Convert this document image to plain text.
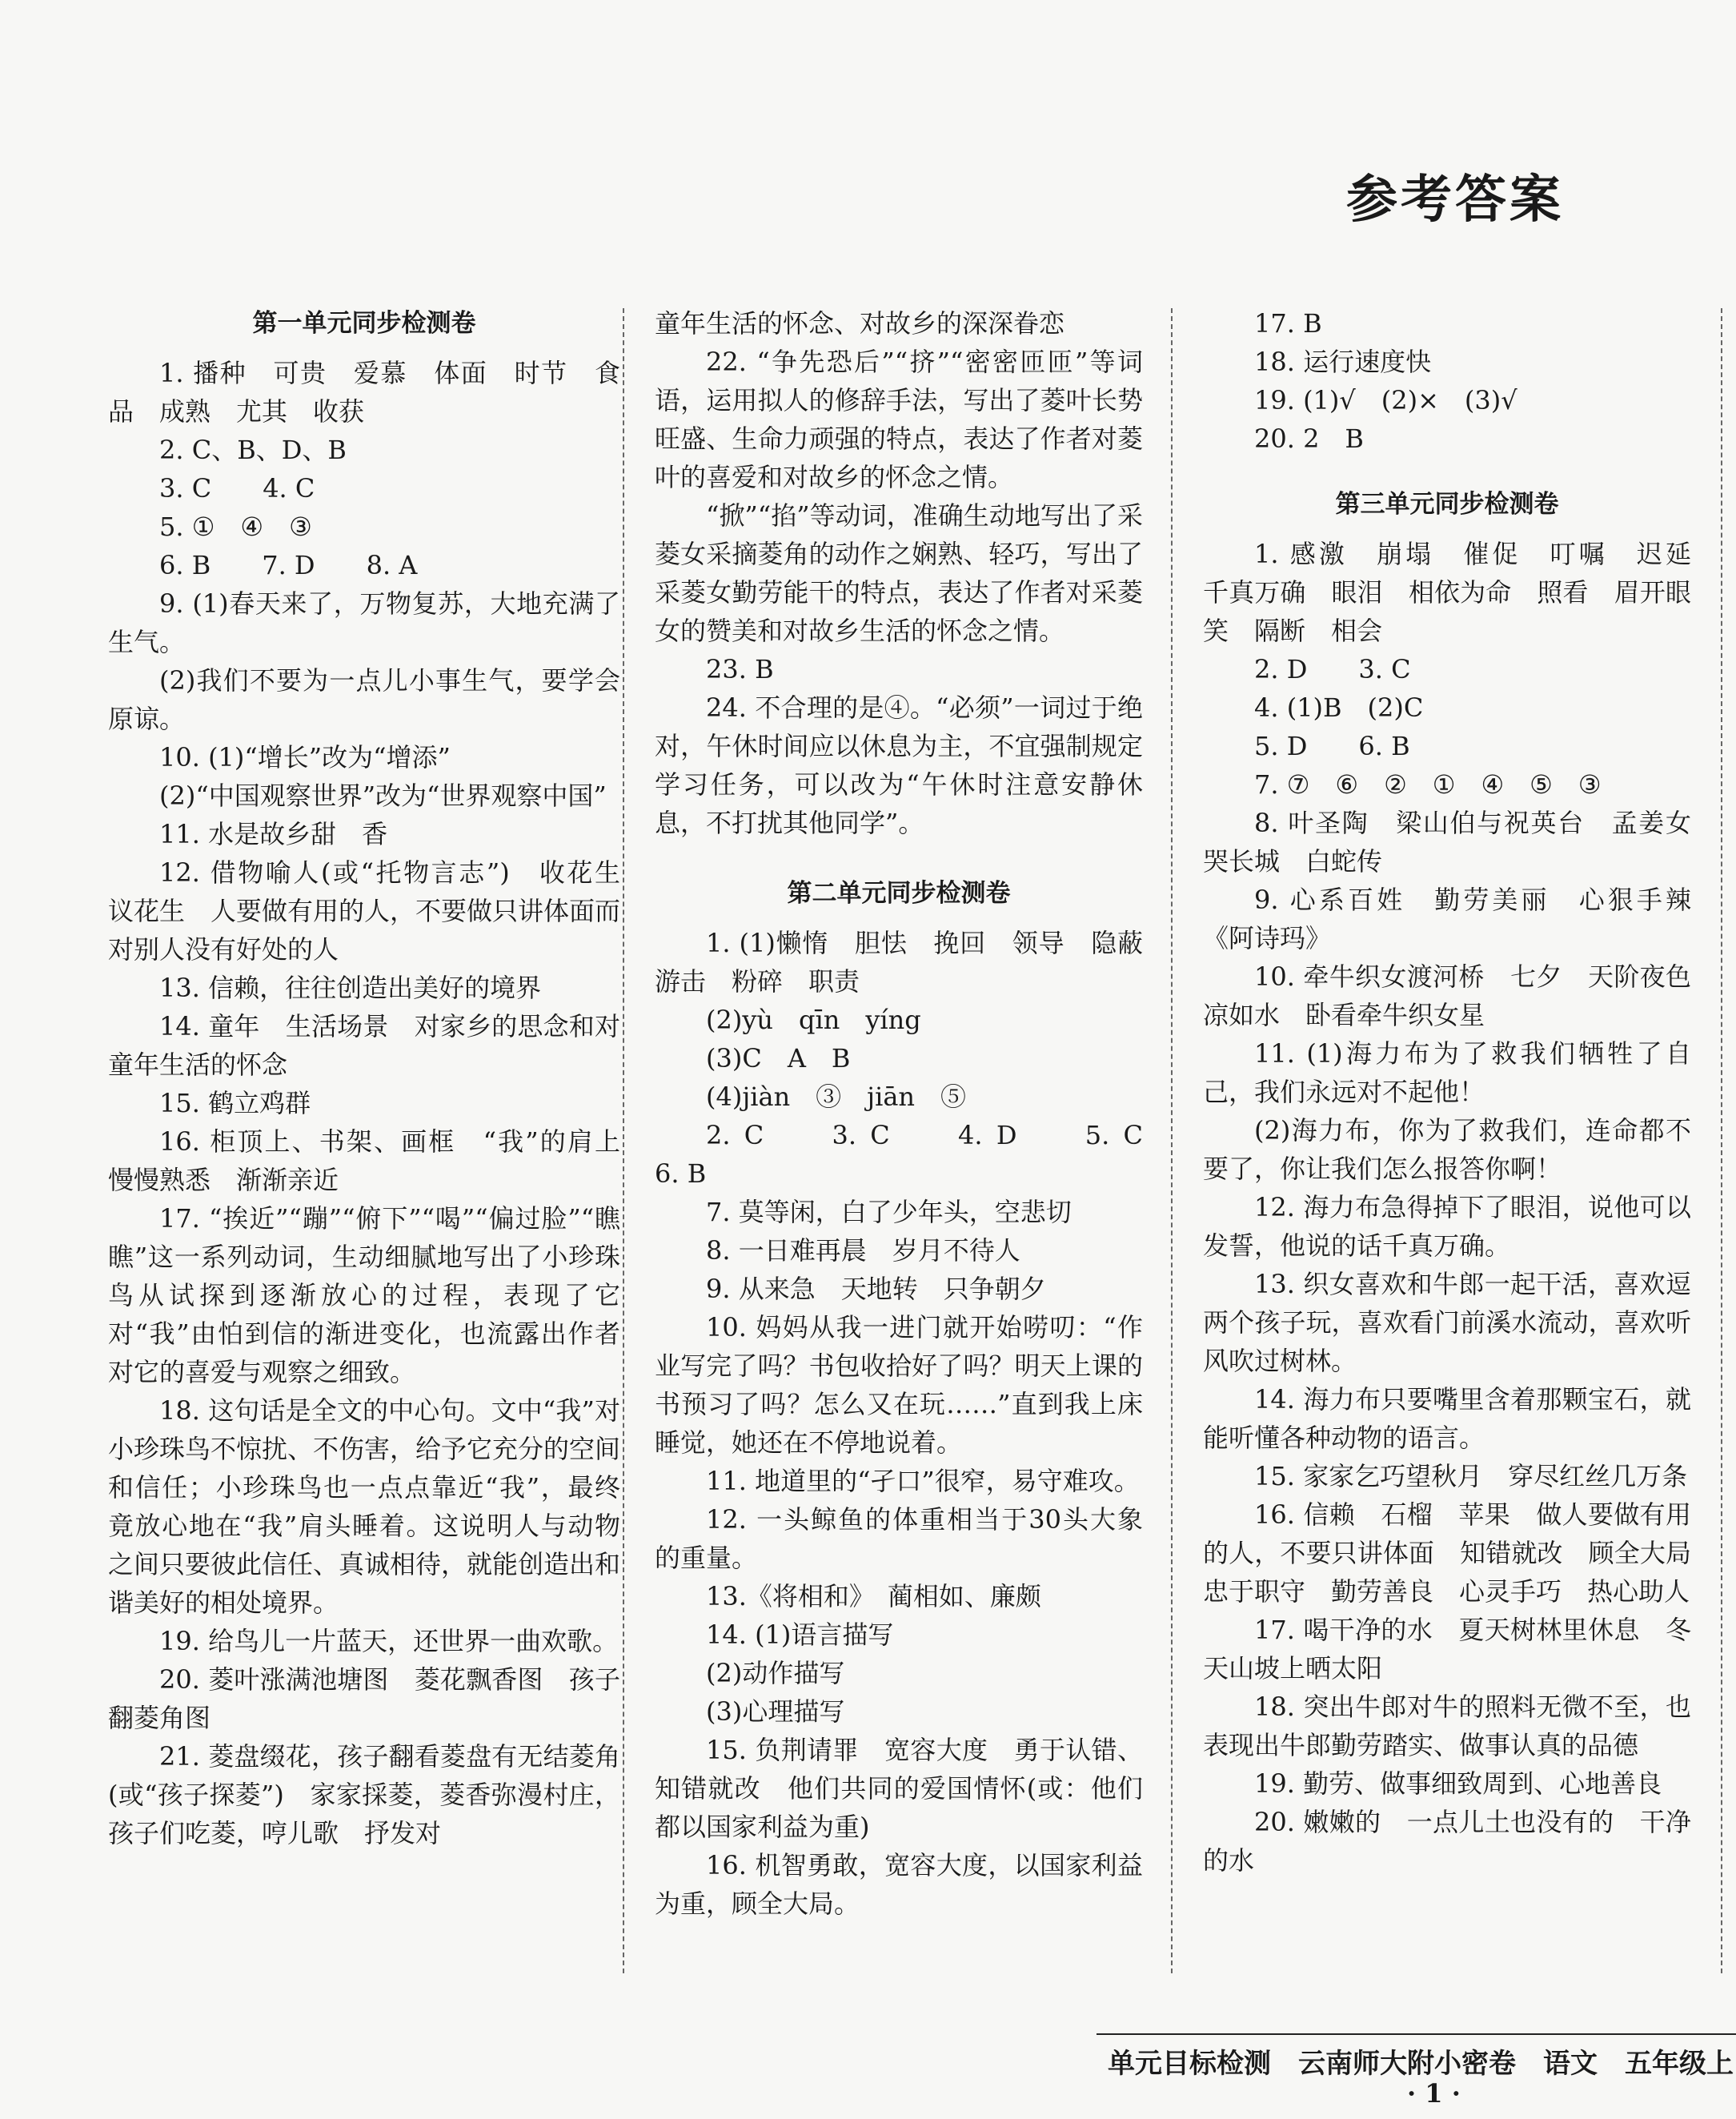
参考答案

第一单元同步检测卷

1. 播种　可贵　爱慕　体面　时节　食品　成熟　尤其　收获

2. C、B、D、B

3. C　　4. C

5. ①　④　③

6. B　　7. D　　8. A

9. (1)春天来了，万物复苏，大地充满了生气。

(2)我们不要为一点儿小事生气，要学会原谅。

10. (1)“增长”改为“增添”

(2)“中国观察世界”改为“世界观察中国”

11. 水是故乡甜　香

12. 借物喻人(或“托物言志”)　收花生　议花生　人要做有用的人，不要做只讲体面而对别人没有好处的人

13. 信赖，往往创造出美好的境界

14. 童年　生活场景　对家乡的思念和对童年生活的怀念

15. 鹤立鸡群

16. 柜顶上、书架、画框　“我”的肩上　慢慢熟悉　渐渐亲近

17. “挨近”“蹦”“俯下”“喝”“偏过脸”“瞧瞧”这一系列动词，生动细腻地写出了小珍珠鸟从试探到逐渐放心的过程，表现了它对“我”由怕到信的渐进变化，也流露出作者对它的喜爱与观察之细致。

18. 这句话是全文的中心句。文中“我”对小珍珠鸟不惊扰、不伤害，给予它充分的空间和信任；小珍珠鸟也一点点靠近“我”，最终竟放心地在“我”肩头睡着。这说明人与动物之间只要彼此信任、真诚相待，就能创造出和谐美好的相处境界。

19. 给鸟儿一片蓝天，还世界一曲欢歌。

20. 菱叶涨满池塘图　菱花飘香图　孩子翻菱角图

21. 菱盘缀花，孩子翻看菱盘有无结菱角(或“孩子探菱”)　家家採菱，菱香弥漫村庄，孩子们吃菱，哼儿歌　抒发对

童年生活的怀念、对故乡的深深眷恋

22. “争先恐后”“挤”“密密匝匝”等词语，运用拟人的修辞手法，写出了菱叶长势旺盛、生命力顽强的特点，表达了作者对菱叶的喜爱和对故乡的怀念之情。

“掀”“掐”等动词，准确生动地写出了采菱女采摘菱角的动作之娴熟、轻巧，写出了采菱女勤劳能干的特点，表达了作者对采菱女的赞美和对故乡生活的怀念之情。

23. B

24. 不合理的是④。“必须”一词过于绝对，午休时间应以休息为主，不宜强制规定学习任务，可以改为“午休时注意安静休息，不打扰其他同学”。

第二单元同步检测卷

1. (1)懒惰　胆怯　挽回　领导　隐蔽　游击　粉碎　职责

(2)yù　qīn　yíng

(3)C　A　B

(4)jiàn　③　jiān　⑤

2. C　　3. C　　4. D　　5. C　　6. B

7. 莫等闲，白了少年头，空悲切

8. 一日难再晨　岁月不待人

9. 从来急　天地转　只争朝夕

10. 妈妈从我一进门就开始唠叨：“作业写完了吗？书包收拾好了吗？明天上课的书预习了吗？怎么又在玩……”直到我上床睡觉，她还在不停地说着。

11. 地道里的“孑口”很窄，易守难攻。

12. 一头鲸鱼的体重相当于30头大象的重量。

13.《将相和》　蔺相如、廉颇

14. (1)语言描写

(2)动作描写

(3)心理描写

15. 负荆请罪　宽容大度　勇于认错、知错就改　他们共同的爱国情怀(或：他们都以国家利益为重)

16. 机智勇敢，宽容大度，以国家利益为重，顾全大局。

17. B

18. 运行速度快

19. (1)√　(2)×　(3)√

20. 2　B

第三单元同步检测卷

1. 感激　崩塌　催促　叮嘱　迟延　千真万确　眼泪　相依为命　照看　眉开眼笑　隔断　相会

2. D　　3. C

4. (1)B　(2)C

5. D　　6. B

7. ⑦　⑥　②　①　④　⑤　③

8. 叶圣陶　梁山伯与祝英台　孟姜女哭长城　白蛇传

9. 心系百姓　勤劳美丽　心狠手辣《阿诗玛》

10. 牵牛织女渡河桥　七夕　天阶夜色凉如水　卧看牵牛织女星

11. (1)海力布为了救我们牺牲了自己，我们永远对不起他！

(2)海力布，你为了救我们，连命都不要了，你让我们怎么报答你啊！

12. 海力布急得掉下了眼泪，说他可以发誓，他说的话千真万确。

13. 织女喜欢和牛郎一起干活，喜欢逗两个孩子玩，喜欢看门前溪水流动，喜欢听风吹过树林。

14. 海力布只要嘴里含着那颗宝石，就能听懂各种动物的语言。

15. 家家乞巧望秋月　穿尽红丝几万条

16. 信赖　石榴　苹果　做人要做有用的人，不要只讲体面　知错就改　顾全大局　忠于职守　勤劳善良　心灵手巧　热心助人

17. 喝干净的水　夏天树林里休息　冬天山坡上晒太阳

18. 突出牛郎对牛的照料无微不至，也表现出牛郎勤劳踏实、做事认真的品德

19. 勤劳、做事细致周到、心地善良

20. 嫩嫩的　一点儿土也没有的　干净的水

单元目标检测　云南师大附小密卷　语文　五年级上
· 1 ·
